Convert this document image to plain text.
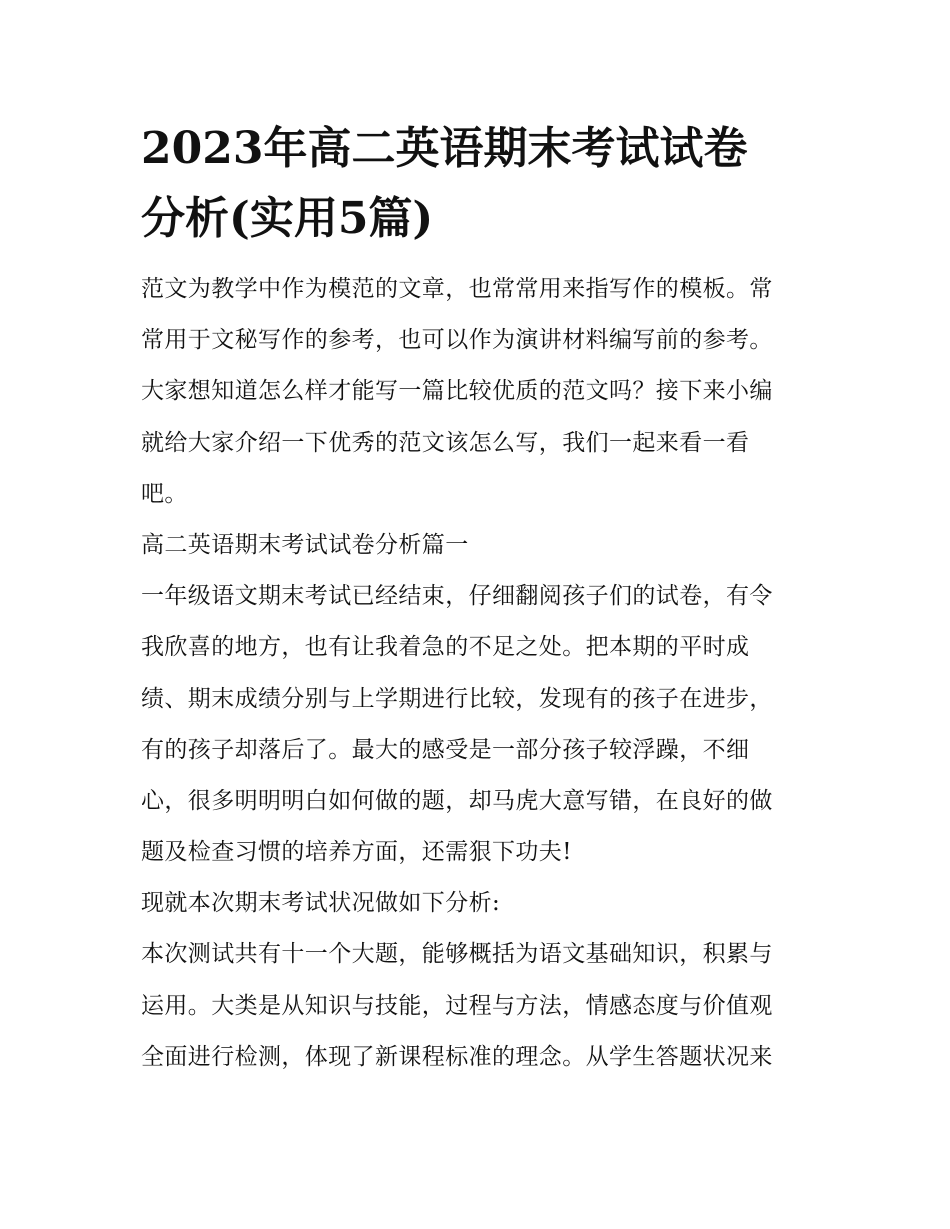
2023年高二英语期末考试试卷
分析(实用5篇)
范文为教学中作为模范的文章，也常常用来指写作的模板。常
常用于文秘写作的参考，也可以作为演讲材料编写前的参考。
大家想知道怎么样才能写一篇比较优质的范文吗？接下来小编
就给大家介绍一下优秀的范文该怎么写，我们一起来看一看
吧。
高二英语期末考试试卷分析篇一
一年级语文期末考试已经结束，仔细翻阅孩子们的试卷，有令
我欣喜的地方，也有让我着急的不足之处。把本期的平时成
绩、期末成绩分别与上学期进行比较，发现有的孩子在进步，
有的孩子却落后了。最大的感受是一部分孩子较浮躁，不细
心，很多明明明白如何做的题，却马虎大意写错，在良好的做
题及检查习惯的培养方面，还需狠下功夫!
现就本次期末考试状况做如下分析:
本次测试共有十一个大题，能够概括为语文基础知识，积累与
运用。大类是从知识与技能，过程与方法，情感态度与价值观
全面进行检测，体现了新课程标准的理念。从学生答题状况来
